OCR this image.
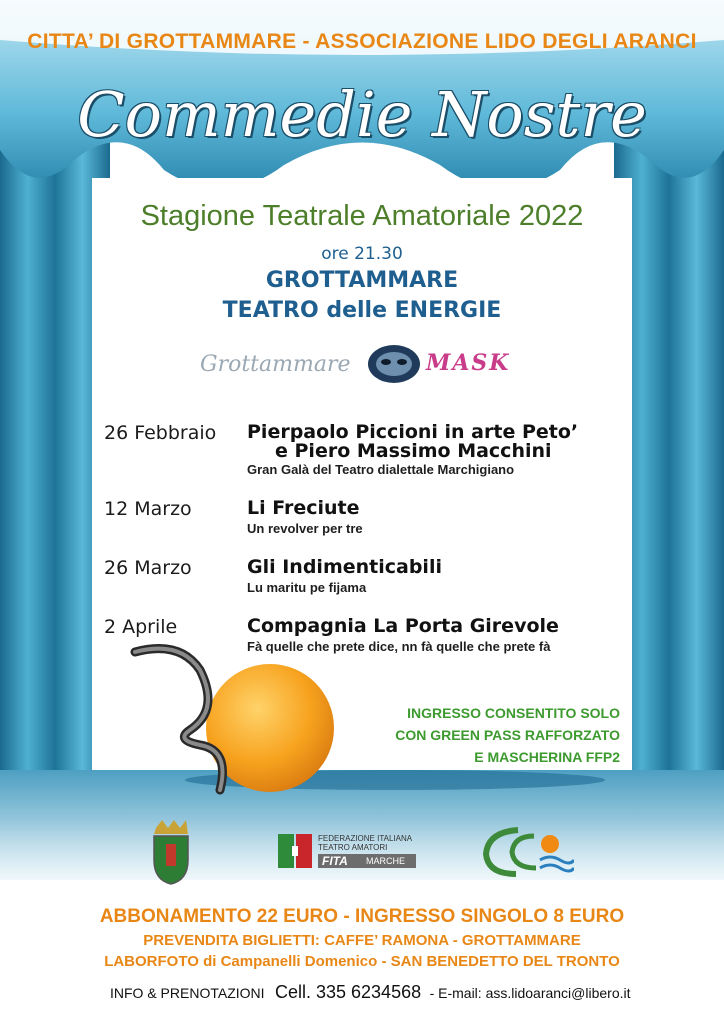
CITTA’ DI GROTTAMMARE - ASSOCIAZIONE LIDO DEGLI ARANCI
Commedie Nostre
Stagione Teatrale Amatoriale 2022
ore 21.30
GROTTAMMARE
TEATRO delle ENERGIE
Grottammare	MASK
26 Febbraio Pierpaolo Piccioni in arte Peto’
e Piero Massimo Macchini
Gran Galà del Teatro dialettale Marchigiano
12 Marzo	Li Freciute
Un revolver per tre
26 Marzo	Gli Indimenticabili
Lu maritu pe fijama
2 Aprile	Compagnia La Porta Girevole
Fà quelle che prete dice, nn fà quelle che prete fà
INGRESSO CONSENTITO SOLO
CON GREEN PASS RAFFORZATO
E MASCHERINA FFP2
FEDERAZIONE ITALIANA
TEATRO AMATORI
FITA MARCHE
ABBONAMENTO 22 EURO - INGRESSO SINGOLO 8 EURO
PREVENDITA BIGLIETTI: CAFFE’ RAMONA - GROTTAMMARE
LABORFOTO di Campanelli Domenico - SAN BENEDETTO DEL TRONTO
INFO & PRENOTAZIONI Cell. 335 6234568 - E-mail: ass.lidoaranci@libero.it
